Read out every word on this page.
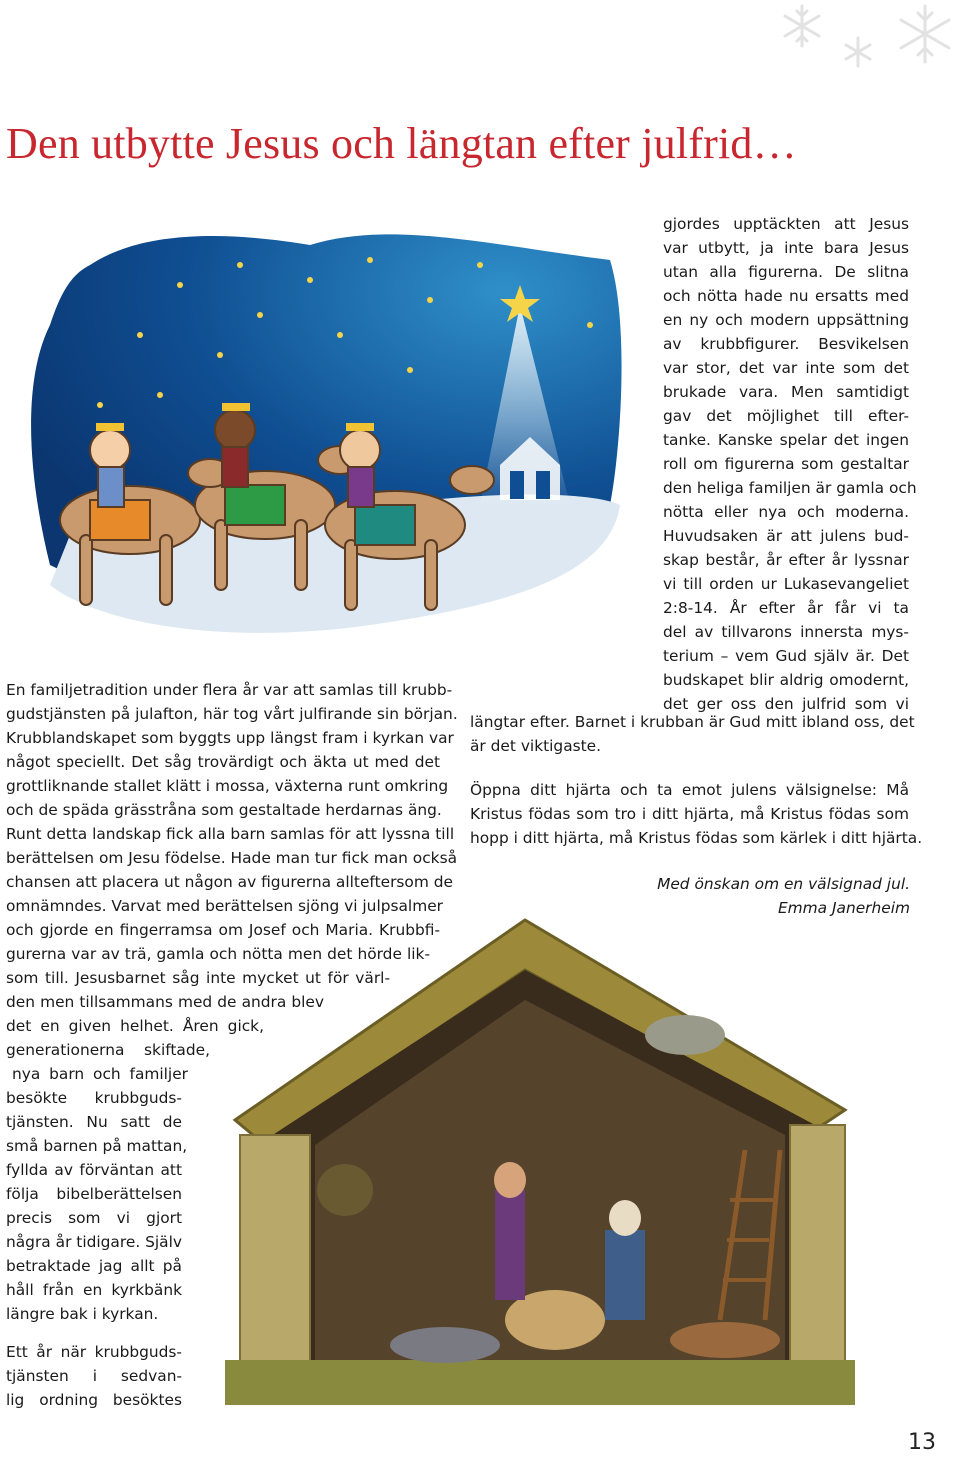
Den utbytte Jesus och längtan efter julfrid…
gjordes upptäckten att Jesus
var utbytt, ja inte bara Jesus
utan alla figurerna. De slitna
och nötta hade nu ersatts med
en ny och modern uppsättning
av krubbfigurer. Besvikelsen
var stor, det var inte som det
brukade vara. Men samtidigt
gav det möjlighet till efter-
tanke. Kanske spelar det ingen
roll om figurerna som gestaltar
den heliga familjen är gamla och
nötta eller nya och moderna.
Huvudsaken är att julens bud-
skap består, år efter år lyssnar
vi till orden ur Lukasevangeliet
2:8-14. År efter år får vi ta
del av tillvarons innersta mys-
terium – vem Gud själv är. Det
budskapet blir aldrig omodernt,
det ger oss den julfrid som vi
längtar efter. Barnet i krubban är Gud mitt ibland oss, det
är det viktigaste.
Öppna ditt hjärta och ta emot julens välsignelse: Må
Kristus födas som tro i ditt hjärta, må Kristus födas som
hopp i ditt hjärta, må Kristus födas som kärlek i ditt hjärta.
Med önskan om en välsignad jul.
Emma Janerheim
En familjetradition under flera år var att samlas till krubb-
gudstjänsten på julafton, här tog vårt julfirande sin början.
Krubblandskapet som byggts upp längst fram i kyrkan var
något speciellt. Det såg trovärdigt och äkta ut med det
grottliknande stallet klätt i mossa, växterna runt omkring
och de späda grässtråna som gestaltade herdarnas äng.
Runt detta landskap fick alla barn samlas för att lyssna till
berättelsen om Jesu födelse. Hade man tur fick man också
chansen att placera ut någon av figurerna allteftersom de
omnämndes. Varvat med berättelsen sjöng vi julpsalmer
och gjorde en fingerramsa om Josef och Maria. Krubbfi-
gurerna var av trä, gamla och nötta men det hörde lik-
som till. Jesusbarnet såg inte mycket ut för värl-
den men tillsammans med de andra blev
det en given helhet. Åren gick,
generationerna skiftade,
nya barn och familjer
besökte krubbguds-
tjänsten. Nu satt de
små barnen på mattan,
fyllda av förväntan att
följa bibelberättelsen
precis som vi gjort
några år tidigare. Själv
betraktade jag allt på
håll från en kyrkbänk
längre bak i kyrkan.
Ett år när krubbguds-
tjänsten i sedvan-
lig ordning besöktes
13
